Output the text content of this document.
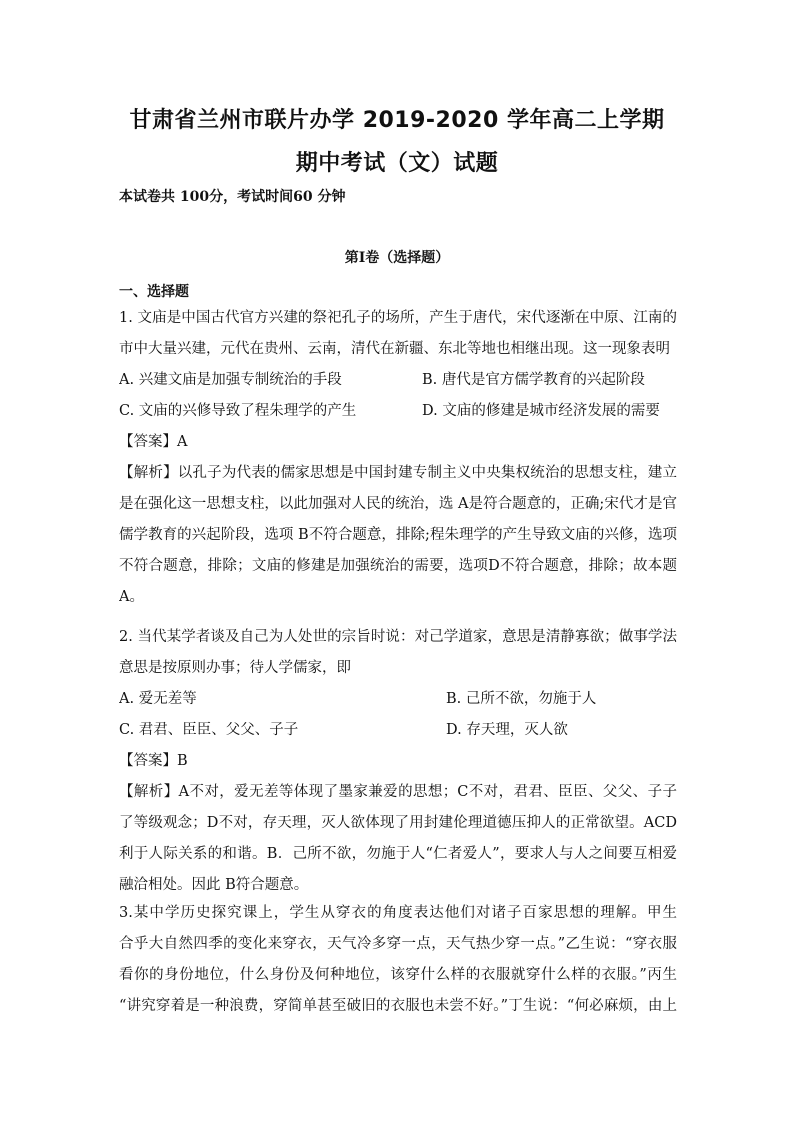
甘肃省兰州市联片办学 2019-2020 学年高二上学期
期中考试（文）试题
本试卷共 100分，考试时间60 分钟
第Ⅰ卷（选择题）
一、选择题
1. 文庙是中国古代官方兴建的祭祀孔子的场所，产生于唐代，宋代逐渐在中原、江南的
市中大量兴建，元代在贵州、云南，清代在新疆、东北等地也相继出现。这一现象表明
A. 兴建文庙是加强专制统治的手段	B. 唐代是官方儒学教育的兴起阶段
C. 文庙的兴修导致了程朱理学的产生	D. 文庙的修建是城市经济发展的需要
【答案】A
【解析】以孔子为代表的儒家思想是中国封建专制主义中央集权统治的思想支柱，建立
是在强化这一思想支柱，以此加强对人民的统治，选 A是符合题意的，正确;宋代才是官
儒学教育的兴起阶段，选项 B不符合题意，排除;程朱理学的产生导致文庙的兴修，选项
不符合题意，排除；文庙的修建是加强统治的需要，选项D不符合题意，排除；故本题
A。
2. 当代某学者谈及自己为人处世的宗旨时说：对己学道家，意思是清静寡欲；做事学法
意思是按原则办事；待人学儒家，即
A. 爱无差等	B. 己所不欲，勿施于人
C. 君君、臣臣、父父、子子	D. 存天理，灭人欲
【答案】B
【解析】A不对，爱无差等体现了墨家兼爱的思想；C不对，君君、臣臣、父父、子子
了等级观念；D不对，存天理，灭人欲体现了用封建伦理道德压抑人的正常欲望。ACD
利于人际关系的和谐。B．己所不欲，勿施于人“仁者爱人”，要求人与人之间要互相爱
融洽相处。因此 B符合题意。
3.某中学历史探究课上，学生从穿衣的角度表达他们对诸子百家思想的理解。甲生
合乎大自然四季的变化来穿衣，天气冷多穿一点，天气热少穿一点。”乙生说：“穿衣服
看你的身份地位，什么身份及何种地位，该穿什么样的衣服就穿什么样的衣服。”丙生
“讲究穿着是一种浪费，穿简单甚至破旧的衣服也未尝不好。”丁生说：“何必麻烦，由上
